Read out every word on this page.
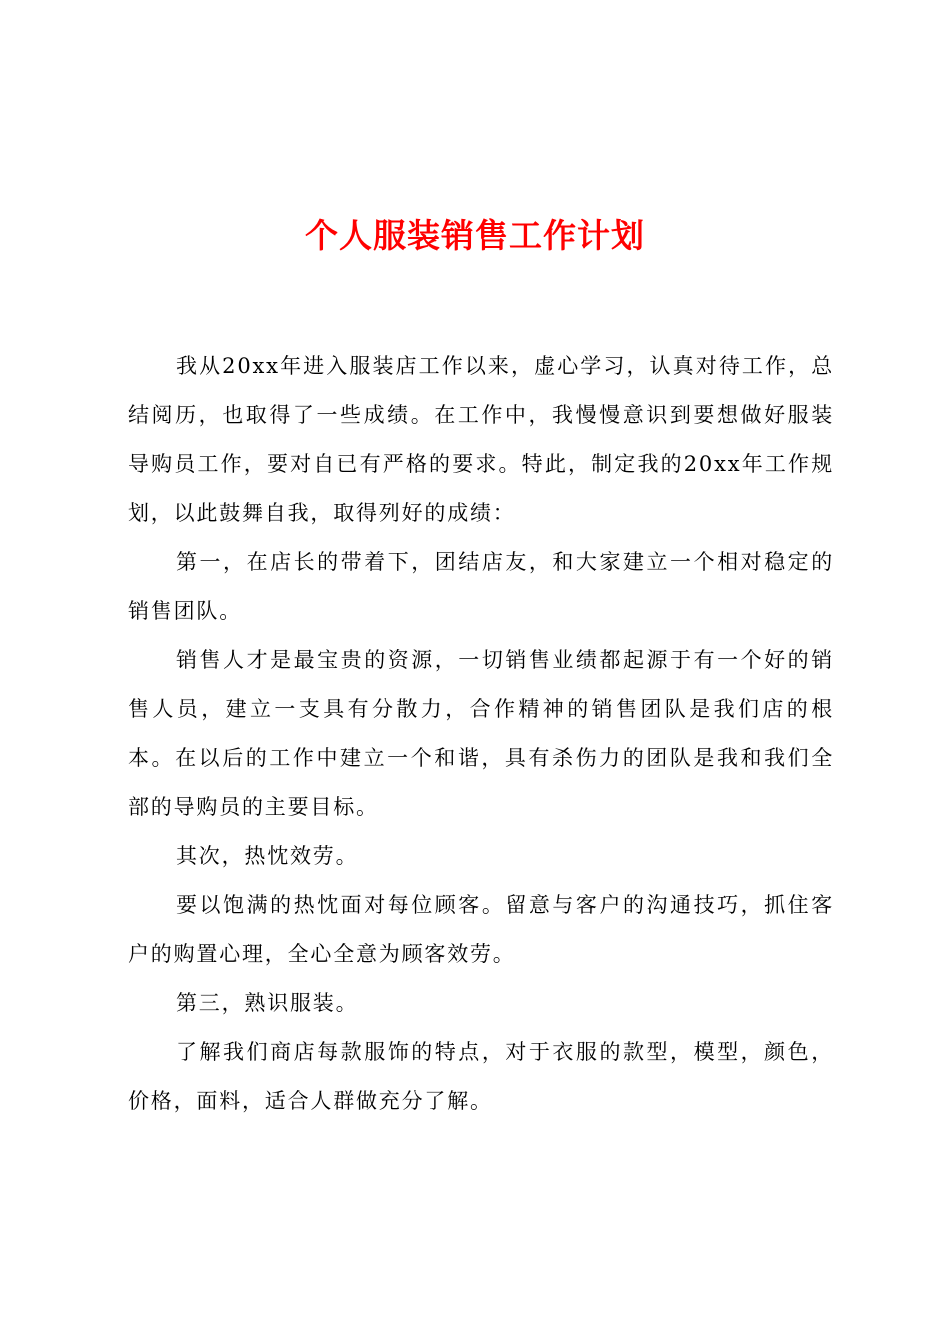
个人服装销售工作计划

我从20xx年进入服装店工作以来，虚心学习，认真对待工作，总结阅历，也取得了一些成绩。在工作中，我慢慢意识到要想做好服装导购员工作，要对自已有严格的要求。特此，制定我的20xx年工作规划，以此鼓舞自我，取得列好的成绩：

第一，在店长的带着下，团结店友，和大家建立一个相对稳定的销售团队。

销售人才是最宝贵的资源，一切销售业绩都起源于有一个好的销售人员，建立一支具有分散力，合作精神的销售团队是我们店的根本。在以后的工作中建立一个和谐，具有杀伤力的团队是我和我们全部的导购员的主要目标。

其次，热忱效劳。

要以饱满的热忱面对每位顾客。留意与客户的沟通技巧，抓住客户的购置心理，全心全意为顾客效劳。

第三，熟识服装。

了解我们商店每款服饰的特点，对于衣服的款型，模型，颜色，价格，面料，适合人群做充分了解。
